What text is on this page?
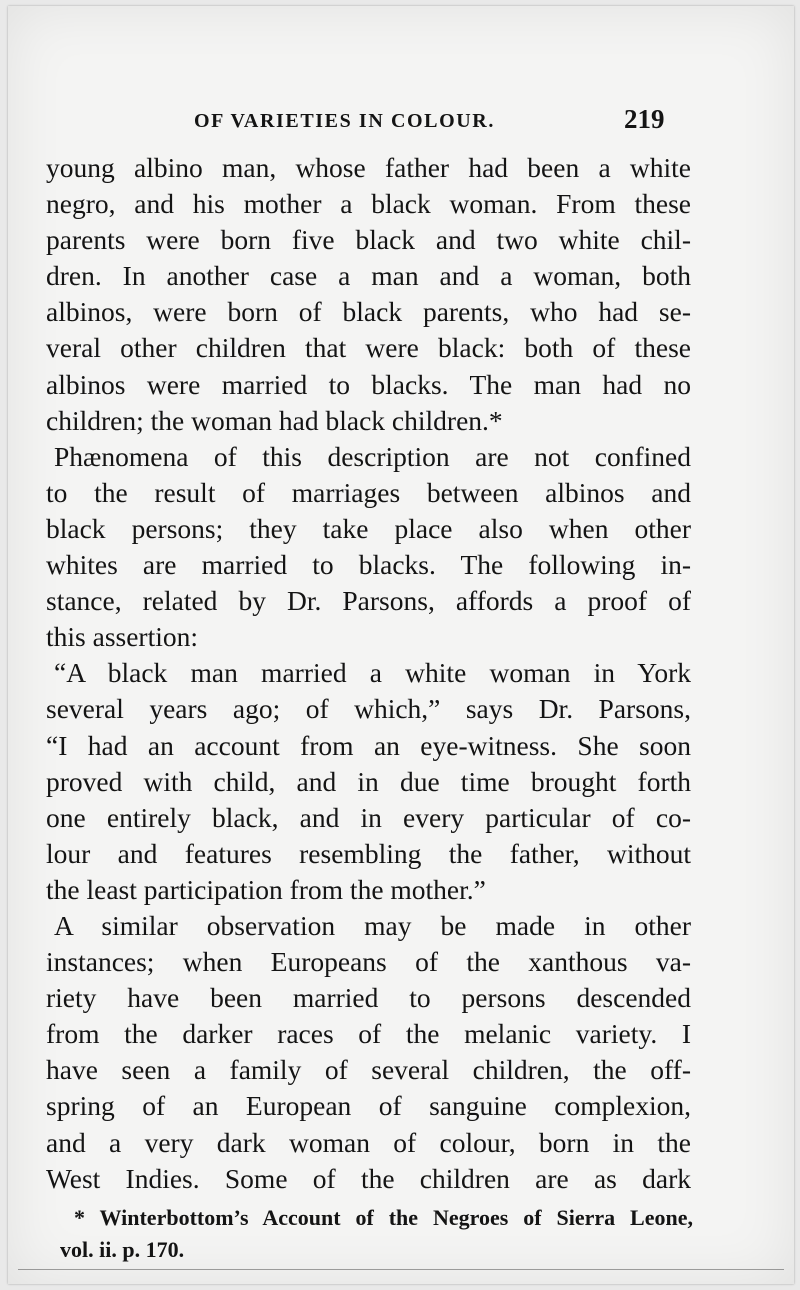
OF VARIETIES IN COLOUR.	219
young albino man, whose father had been a white
negro, and his mother a black woman. From these
parents were born five black and two white chil-
dren. In another case a man and a woman, both
albinos, were born of black parents, who had se-
veral other children that were black: both of these
albinos were married to blacks. The man had no
children; the woman had black children.*
Phænomena of this description are not confined
to the result of marriages between albinos and
black persons; they take place also when other
whites are married to blacks. The following in-
stance, related by Dr. Parsons, affords a proof of
this assertion:
“A black man married a white woman in York
several years ago; of which,” says Dr. Parsons,
“I had an account from an eye-witness. She soon
proved with child, and in due time brought forth
one entirely black, and in every particular of co-
lour and features resembling the father, without
the least participation from the mother.”
A similar observation may be made in other
instances; when Europeans of the xanthous va-
riety have been married to persons descended
from the darker races of the melanic variety. I
have seen a family of several children, the off-
spring of an European of sanguine complexion,
and a very dark woman of colour, born in the
West Indies. Some of the children are as dark
* Winterbottom’s Account of the Negroes of Sierra Leone,
vol. ii. p. 170.
